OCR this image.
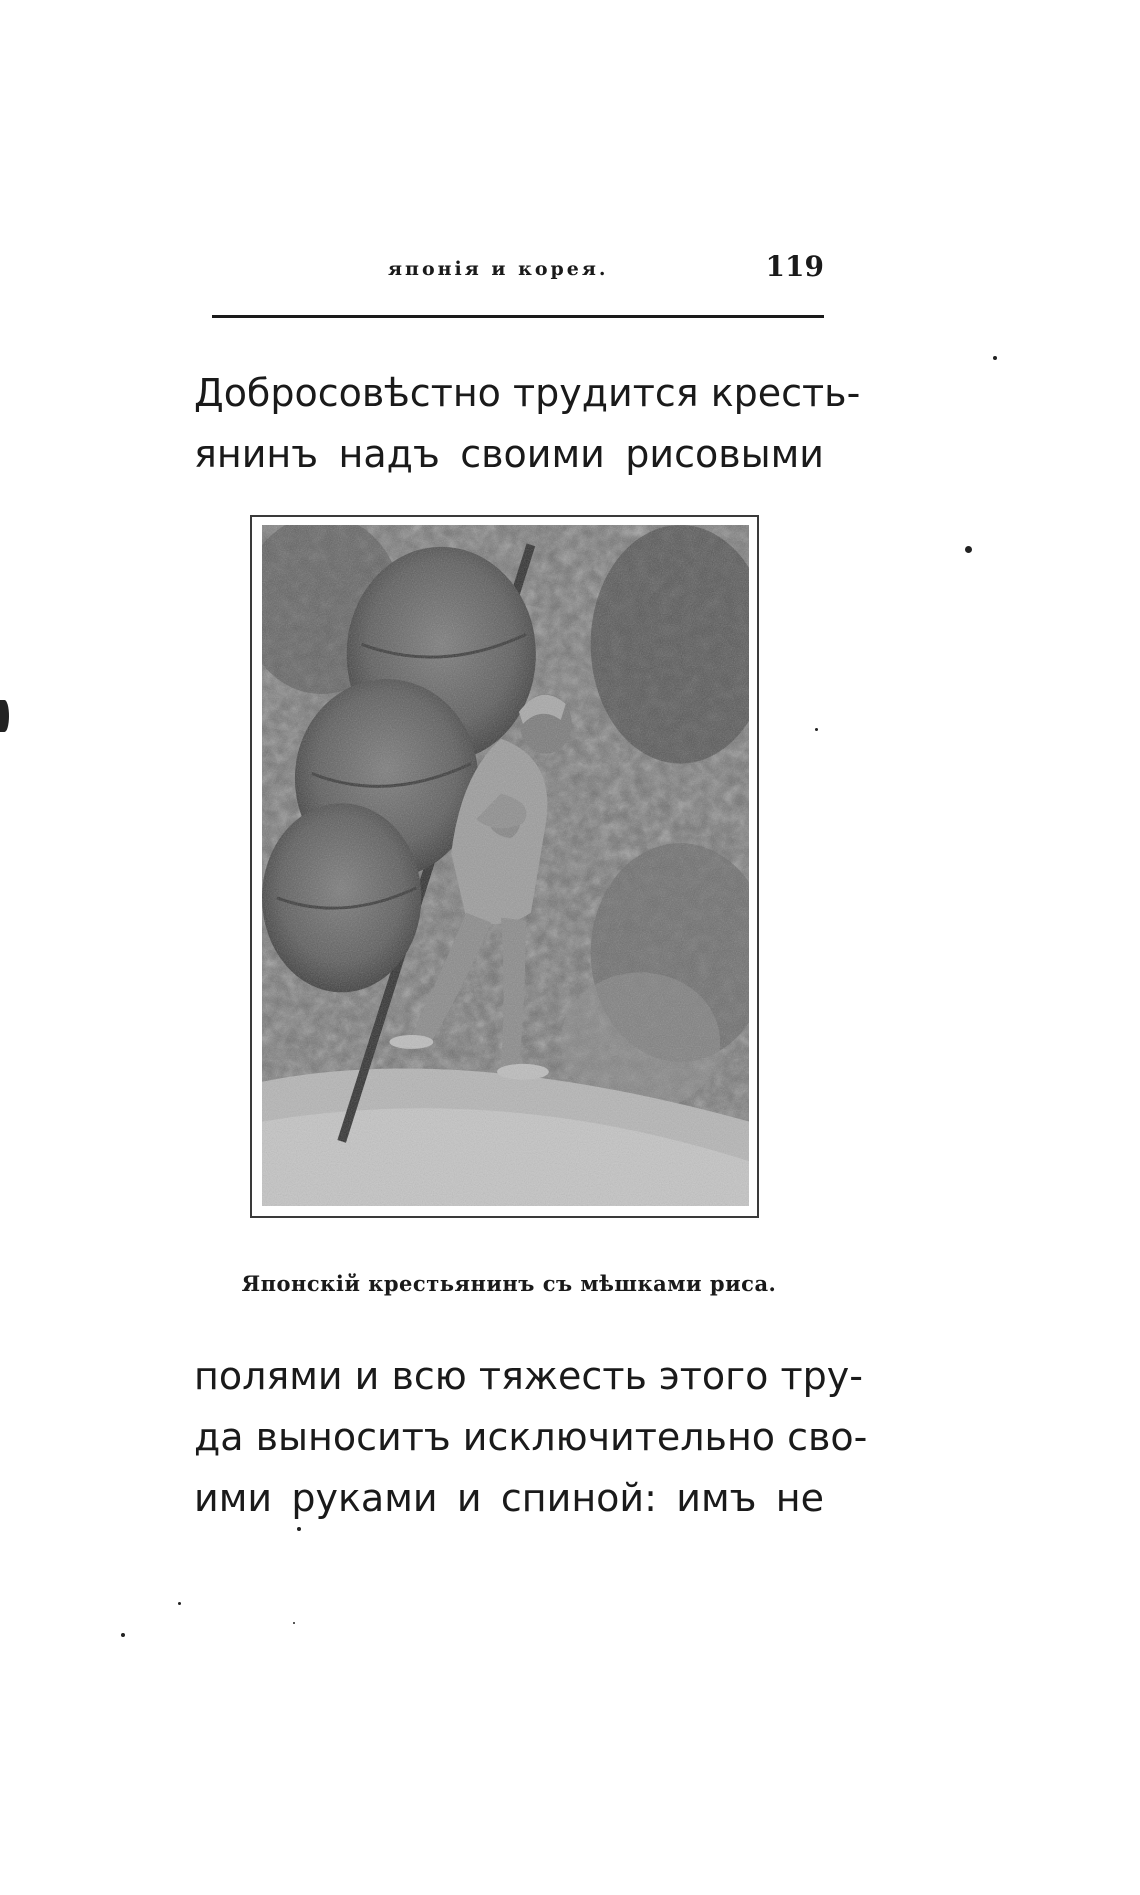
японія и корея.	119

Добросовѣстно трудится кресть-
янинъ надъ своими рисовыми

Японскій крестьянинъ съ мѣшками риса.

полями и всю тяжесть этого тру-
да выноситъ исключительно сво-
ими руками и спиной: имъ не
